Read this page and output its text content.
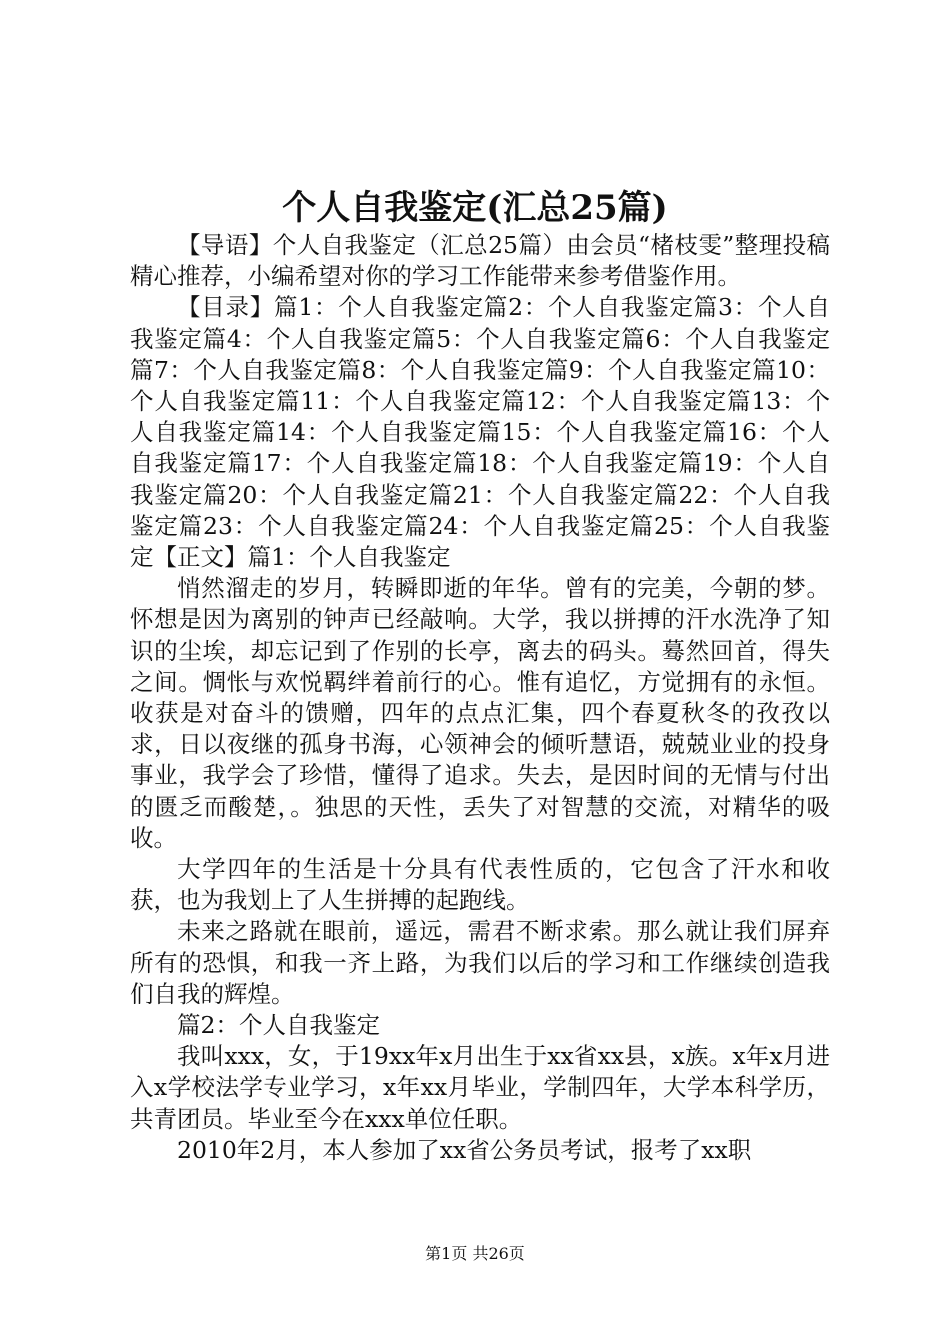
个人自我鉴定(汇总25篇)

【导语】个人自我鉴定（汇总25篇）由会员“楮枝雯”整理投稿精心推荐，小编希望对你的学习工作能带来参考借鉴作用。

【目录】篇1：个人自我鉴定篇2：个人自我鉴定篇3：个人自我鉴定篇4：个人自我鉴定篇5：个人自我鉴定篇6：个人自我鉴定篇7：个人自我鉴定篇8：个人自我鉴定篇9：个人自我鉴定篇10：个人自我鉴定篇11：个人自我鉴定篇12：个人自我鉴定篇13：个人自我鉴定篇14：个人自我鉴定篇15：个人自我鉴定篇16：个人自我鉴定篇17：个人自我鉴定篇18：个人自我鉴定篇19：个人自我鉴定篇20：个人自我鉴定篇21：个人自我鉴定篇22：个人自我鉴定篇23：个人自我鉴定篇24：个人自我鉴定篇25：个人自我鉴定【正文】篇1：个人自我鉴定

悄然溜走的岁月，转瞬即逝的年华。曾有的完美，今朝的梦。怀想是因为离别的钟声已经敲响。大学，我以拼搏的汗水洗净了知识的尘埃，却忘记到了作别的长亭，离去的码头。蓦然回首，得失之间。惆怅与欢悦羁绊着前行的心。惟有追忆，方觉拥有的永恒。收获是对奋斗的馈赠，四年的点点汇集，四个春夏秋冬的孜孜以求，日以夜继的孤身书海，心领神会的倾听慧语，兢兢业业的投身事业，我学会了珍惜，懂得了追求。失去，是因时间的无情与付出的匮乏而酸楚，。独思的天性，丢失了对智慧的交流，对精华的吸收。

大学四年的生活是十分具有代表性质的，它包含了汗水和收获，也为我划上了人生拼搏的起跑线。

未来之路就在眼前，遥远，需君不断求索。那么就让我们屏弃所有的恐惧，和我一齐上路，为我们以后的学习和工作继续创造我们自我的辉煌。

篇2：个人自我鉴定

我叫xxx，女，于19xx年x月出生于xx省xx县，x族。x年x月进入x学校法学专业学习，x年xx月毕业，学制四年，大学本科学历，共青团员。毕业至今在xxx单位任职。

2010年2月，本人参加了xx省公务员考试，报考了xx职

第1页 共26页
